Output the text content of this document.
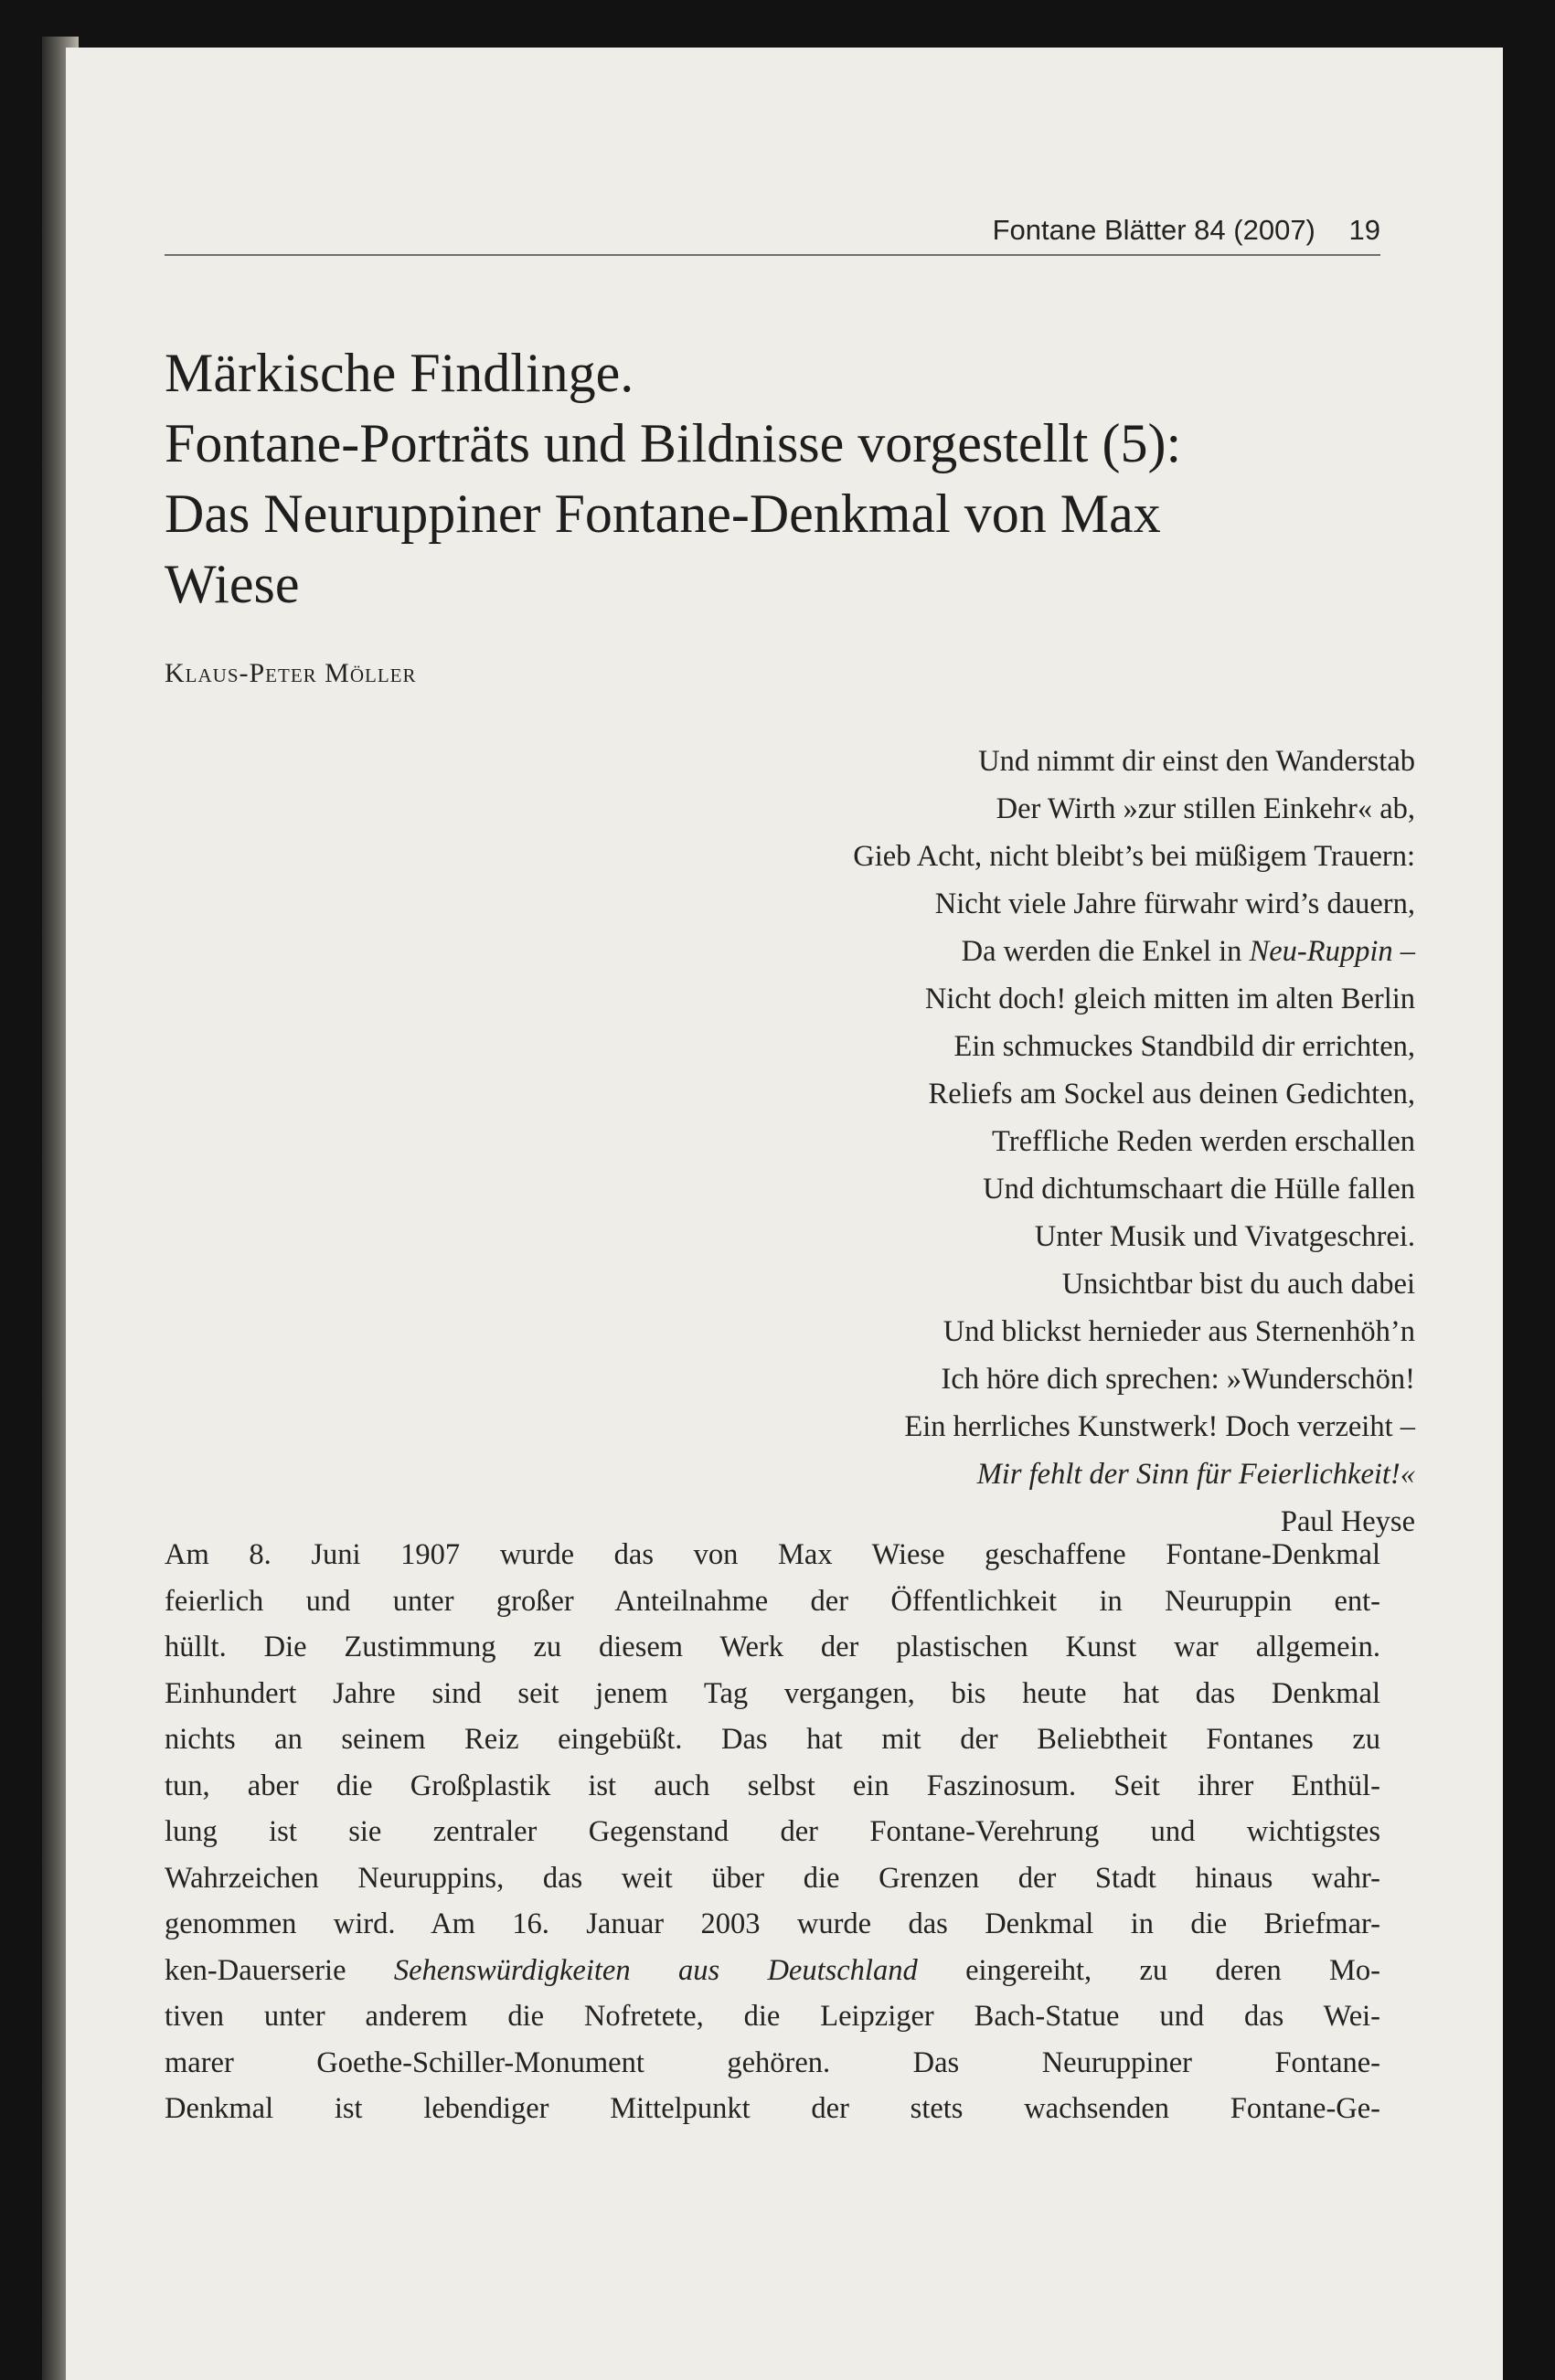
Fontane Blätter 84 (2007) 19
Märkische Findlinge.
Fontane-Porträts und Bildnisse vorgestellt (5):
Das Neuruppiner Fontane-Denkmal von Max
Wiese
Klaus-Peter Möller
Und nimmt dir einst den Wanderstab
Der Wirth »zur stillen Einkehr« ab,
Gieb Acht, nicht bleibt’s bei müßigem Trauern:
Nicht viele Jahre fürwahr wird’s dauern,
Da werden die Enkel in Neu-Ruppin –
Nicht doch! gleich mitten im alten Berlin
Ein schmuckes Standbild dir errichten,
Reliefs am Sockel aus deinen Gedichten,
Treffliche Reden werden erschallen
Und dichtumschaart die Hülle fallen
Unter Musik und Vivatgeschrei.
Unsichtbar bist du auch dabei
Und blickst hernieder aus Sternenhöh’n
Ich höre dich sprechen: »Wunderschön!
Ein herrliches Kunstwerk! Doch verzeiht –
Mir fehlt der Sinn für Feierlichkeit!«
Paul Heyse
Am 8. Juni 1907 wurde das von Max Wiese geschaffene Fontane-Denkmal
feierlich und unter großer Anteilnahme der Öffentlichkeit in Neuruppin ent-
hüllt. Die Zustimmung zu diesem Werk der plastischen Kunst war allgemein.
Einhundert Jahre sind seit jenem Tag vergangen, bis heute hat das Denkmal
nichts an seinem Reiz eingebüßt. Das hat mit der Beliebtheit Fontanes zu
tun, aber die Großplastik ist auch selbst ein Faszinosum. Seit ihrer Enthül-
lung ist sie zentraler Gegenstand der Fontane-Verehrung und wichtigstes
Wahrzeichen Neuruppins, das weit über die Grenzen der Stadt hinaus wahr-
genommen wird. Am 16. Januar 2003 wurde das Denkmal in die Briefmar-
ken-Dauerserie Sehenswürdigkeiten aus Deutschland eingereiht, zu deren Mo-
tiven unter anderem die Nofretete, die Leipziger Bach-Statue und das Wei-
marer Goethe-Schiller-Monument gehören. Das Neuruppiner Fontane-
Denkmal ist lebendiger Mittelpunkt der stets wachsenden Fontane-Ge-
